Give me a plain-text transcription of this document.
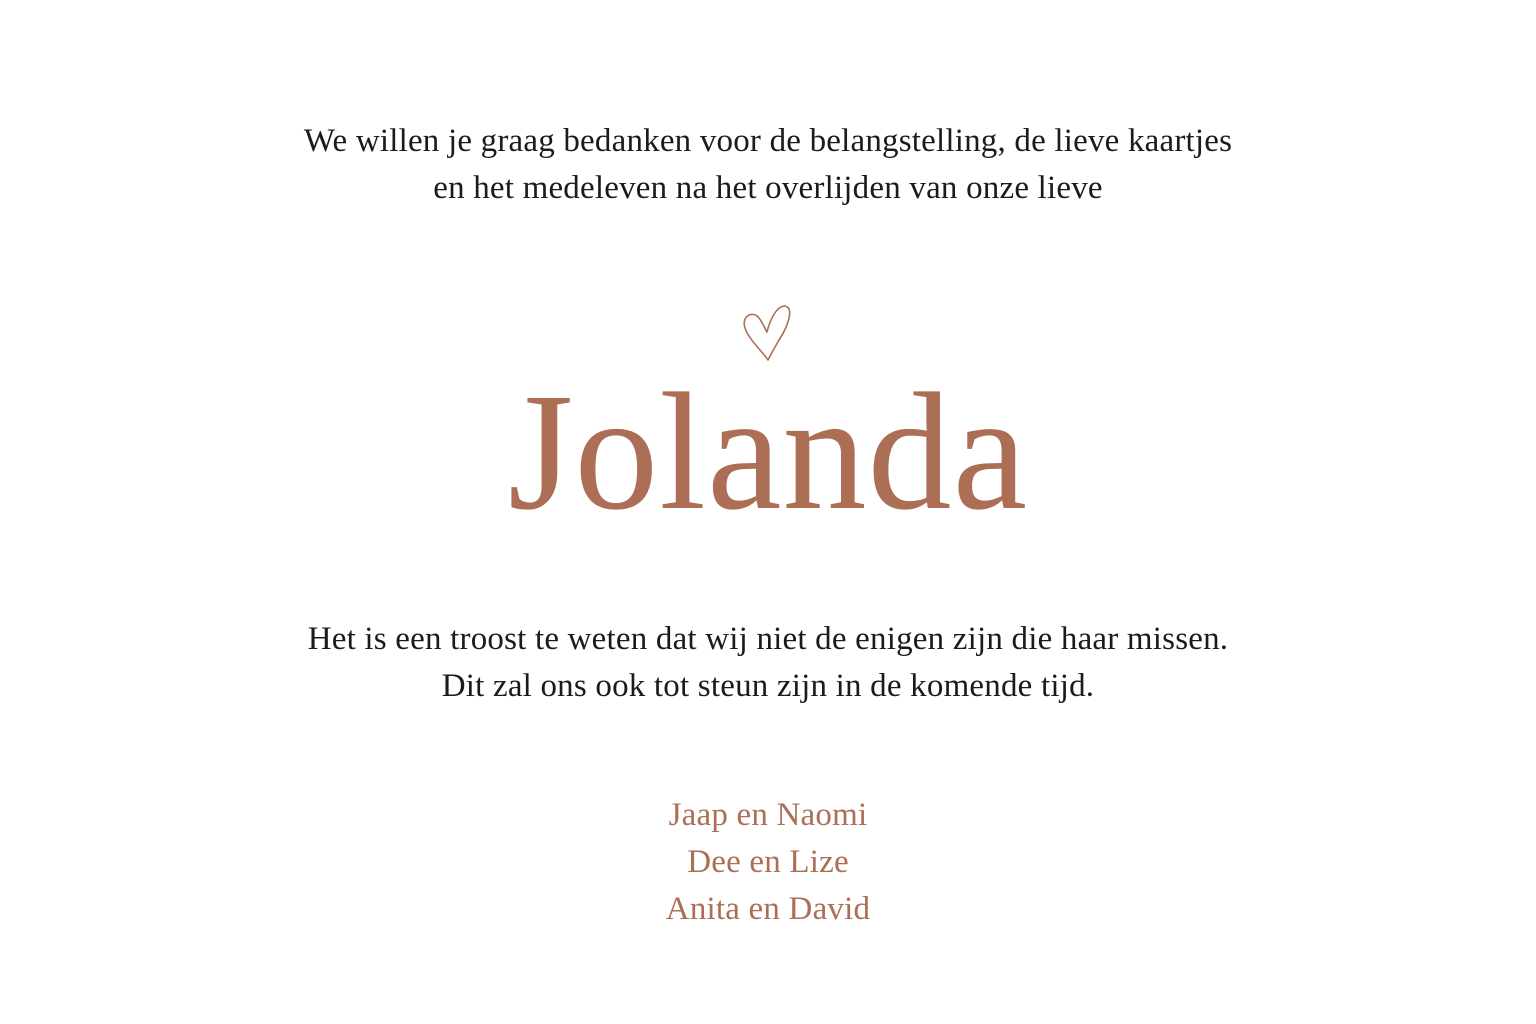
We willen je graag bedanken voor de belangstelling, de lieve kaartjes
en het medeleven na het overlijden van onze lieve
Jolanda
Het is een troost te weten dat wij niet de enigen zijn die haar missen.
Dit zal ons ook tot steun zijn in de komende tijd.
Jaap en Naomi
Dee en Lize
Anita en David
